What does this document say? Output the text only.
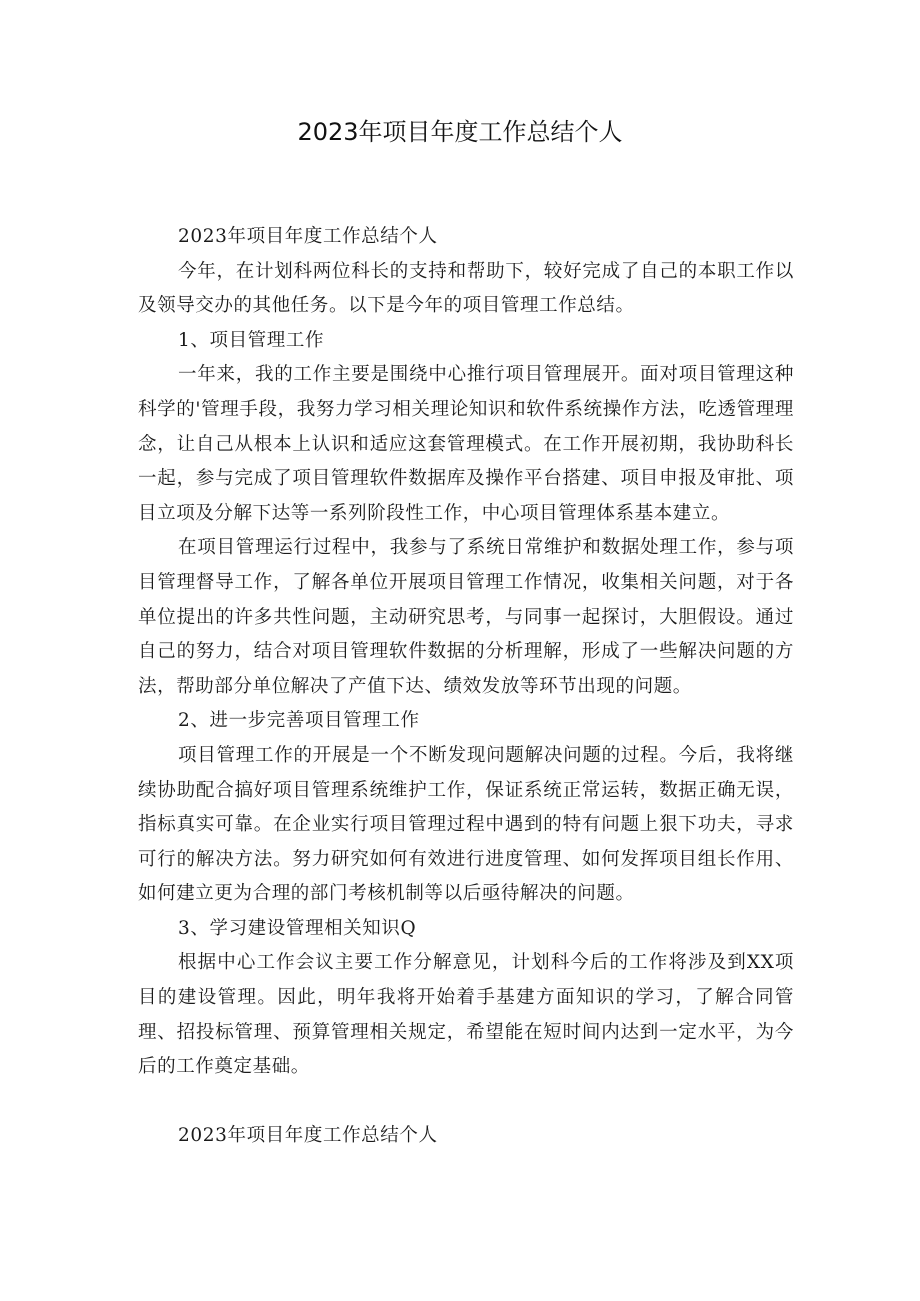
2023年项目年度工作总结个人

2023年项目年度工作总结个人

今年，在计划科两位科长的支持和帮助下，较好完成了自己的本职工作以及领导交办的其他任务。以下是今年的项目管理工作总结。

1、项目管理工作

一年来，我的工作主要是围绕中心推行项目管理展开。面对项目管理这种科学的'管理手段，我努力学习相关理论知识和软件系统操作方法，吃透管理理念，让自己从根本上认识和适应这套管理模式。在工作开展初期，我协助科长一起，参与完成了项目管理软件数据库及操作平台搭建、项目申报及审批、项目立项及分解下达等一系列阶段性工作，中心项目管理体系基本建立。

在项目管理运行过程中，我参与了系统日常维护和数据处理工作，参与项目管理督导工作，了解各单位开展项目管理工作情况，收集相关问题，对于各单位提出的许多共性问题，主动研究思考，与同事一起探讨，大胆假设。通过自己的努力，结合对项目管理软件数据的分析理解，形成了一些解决问题的方法，帮助部分单位解决了产值下达、绩效发放等环节出现的问题。

2、进一步完善项目管理工作

项目管理工作的开展是一个不断发现问题解决问题的过程。今后，我将继续协助配合搞好项目管理系统维护工作，保证系统正常运转，数据正确无误，指标真实可靠。在企业实行项目管理过程中遇到的特有问题上狠下功夫，寻求可行的解决方法。努力研究如何有效进行进度管理、如何发挥项目组长作用、如何建立更为合理的部门考核机制等以后亟待解决的问题。

3、学习建设管理相关知识Q

根据中心工作会议主要工作分解意见，计划科今后的工作将涉及到XX项目的建设管理。因此，明年我将开始着手基建方面知识的学习，了解合同管理、招投标管理、预算管理相关规定，希望能在短时间内达到一定水平，为今后的工作奠定基础。

2023年项目年度工作总结个人
